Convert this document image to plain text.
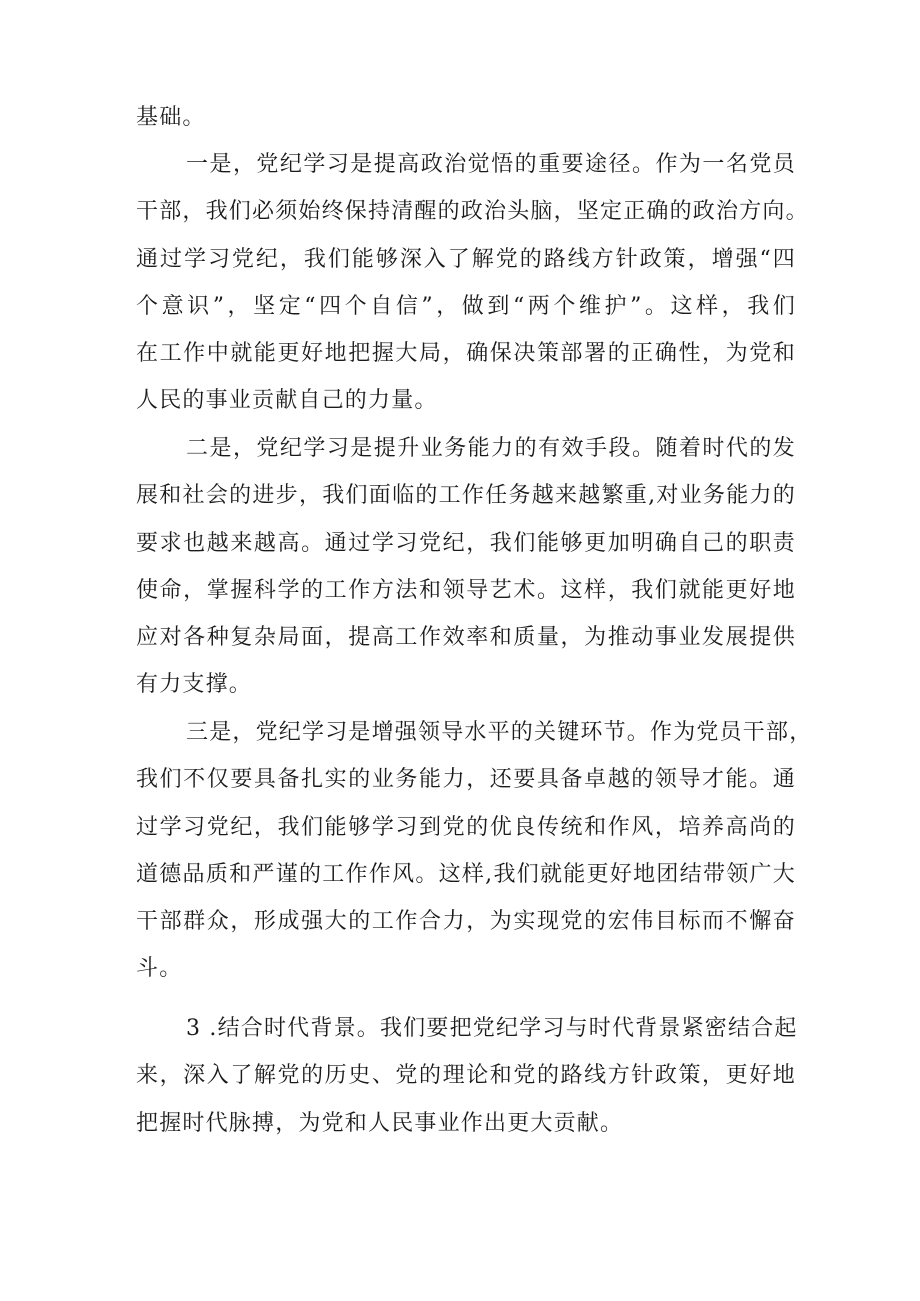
基础。
一是，党纪学习是提高政治觉悟的重要途径。作为一名党员
干部，我们必须始终保持清醒的政治头脑，坚定正确的政治方向。
通过学习党纪，我们能够深入了解党的路线方针政策，增强“四
个意识”，坚定“四个自信”，做到“两个维护”。这样，我们
在工作中就能更好地把握大局，确保决策部署的正确性，为党和
人民的事业贡献自己的力量。
二是，党纪学习是提升业务能力的有效手段。随着时代的发
展和社会的进步，我们面临的工作任务越来越繁重,对业务能力的
要求也越来越高。通过学习党纪，我们能够更加明确自己的职责
使命，掌握科学的工作方法和领导艺术。这样，我们就能更好地
应对各种复杂局面，提高工作效率和质量，为推动事业发展提供
有力支撑。
三是，党纪学习是增强领导水平的关键环节。作为党员干部，
我们不仅要具备扎实的业务能力，还要具备卓越的领导才能。通
过学习党纪，我们能够学习到党的优良传统和作风，培养高尚的
道德品质和严谨的工作作风。这样,我们就能更好地团结带领广大
干部群众，形成强大的工作合力，为实现党的宏伟目标而不懈奋
斗。
3 .结合时代背景。我们要把党纪学习与时代背景紧密结合起
来，深入了解党的历史、党的理论和党的路线方针政策，更好地
把握时代脉搏，为党和人民事业作出更大贡献。
